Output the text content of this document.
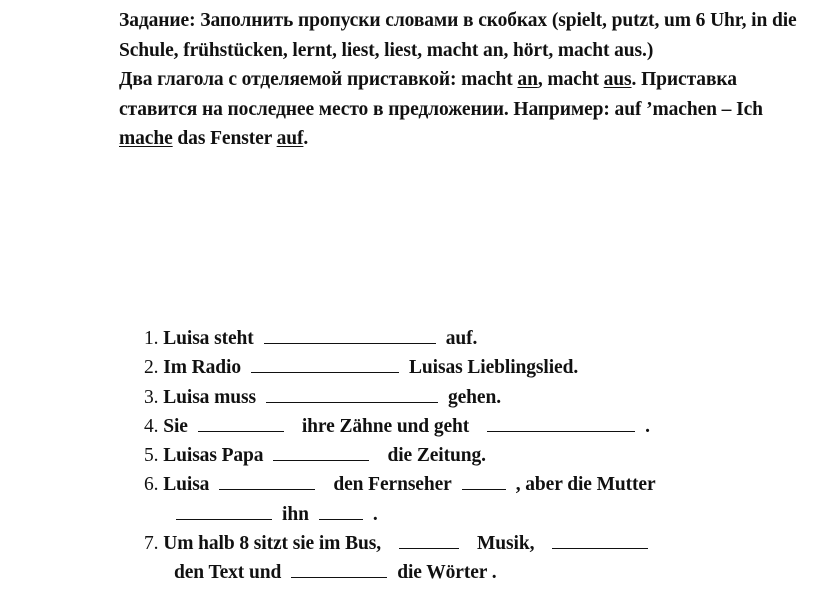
Задание: Заполнить пропуски словами в скобках (spielt, putzt, um 6 Uhr, in die Schule, frühstücken, lernt, liest, liest, macht an, hört, macht aus.)

Два глагола с отделяемой приставкой: macht an, macht aus. Приставка ставится на последнее место в предложении. Например: auf ’machen – Ich mache das Fenster auf.

1. Luisa steht	auf.
2. Im Radio	Luisas Lieblingslied.
3. Luisa muss	gehen.
4. Sie	ihre Zähne und geht	.
5. Luisas Papa	die Zeitung.
6. Luisa	den Fernseher	, aber die Mutter
ihn	.
7. Um halb 8 sitzt sie im Bus,	Musik,
den Text und	die Wörter .
